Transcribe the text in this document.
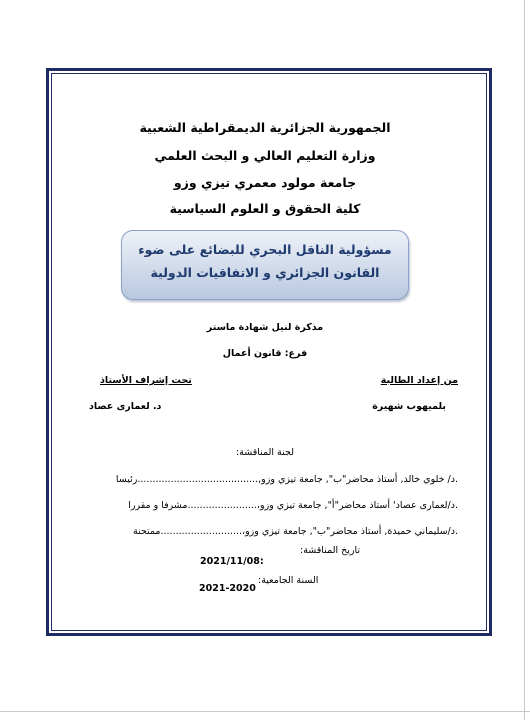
الجمهورية الجزائرية الديمقراطية الشعبية
وزارة التعليم العالي و البحث العلمي
جامعة مولود معمري تيزي وزو
كلية الحقوق و العلوم السياسية
مسؤولية الناقل البحري للبضائع على ضوء
القانون الجزائري و الاتفاقيات الدولية
مذكرة لنيل شهادة ماستر
فرع: قانون أعمال
من إعداد الطالبة
تحت إشراف الأستاذ
بلميهوب شهيرة
د. لعمارى عصاد
لجنة المناقشة:
.د/ خلوي خالد, أستاذ محاضر"ب", جامعة تيزي وزو,........................................رئيسا
.د/لعمارى عصاد' أستاذ محاضر"أ", جامعة تيزي وزو،.......................مشرفا و مقررا
.د/سليماني حميدة, أستاذ محاضر"ب", جامعة تيزي وزو،...........................ممتحنة
تاريخ المناقشة:
2021/11/08:
السنة الجامعية:
2021-2020
